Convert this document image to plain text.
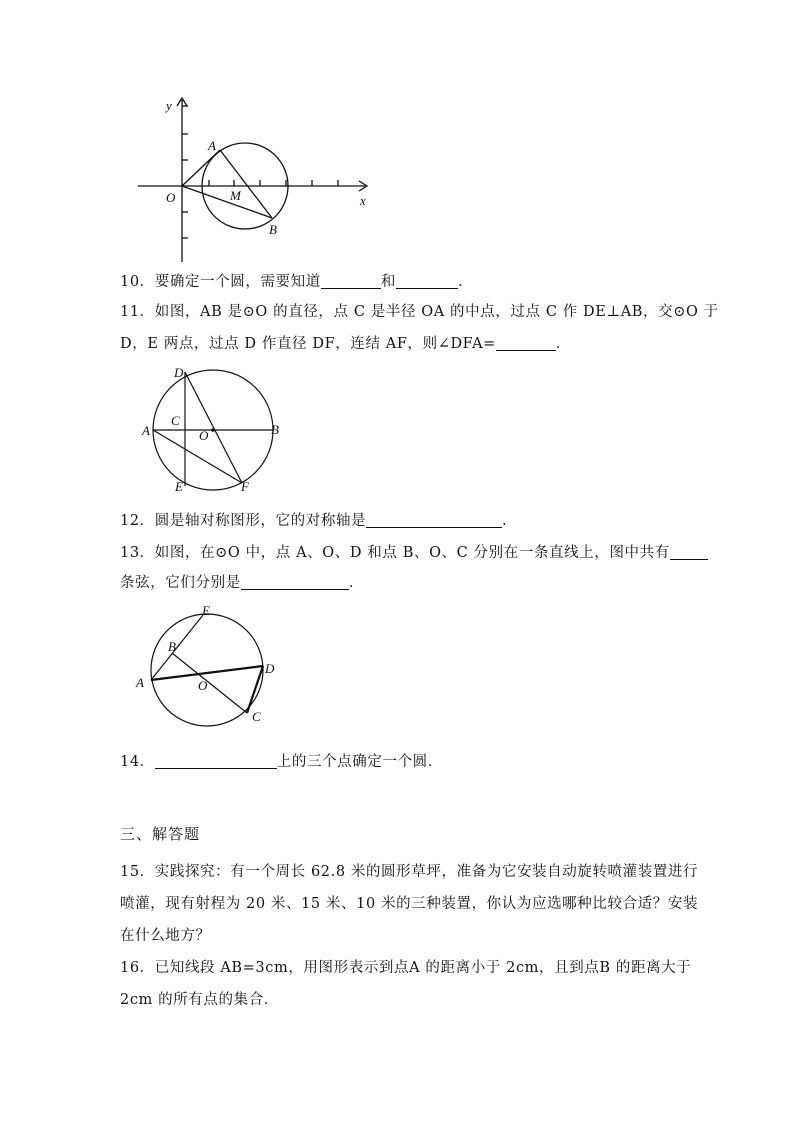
y
x
O
A
M
B
10．要确定一个圆，需要知道	和	．
11．如图，AB 是⊙O 的直径，点 C 是半径 OA 的中点，过点 C 作 DE⊥AB，交⊙O 于
D，E 两点，过点 D 作直径 DF，连结 AF，则∠DFA=	．
D
C
A	O	B
E	F
12．圆是轴对称图形，它的对称轴是	.
13．如图，在⊙O 中，点 A、O、D 和点 B、O、C 分别在一条直线上，图中共有
条弦，它们分别是	．
E
B
D
A	O
C
14．	上的三个点确定一个圆．
三、解答题
15．实践探究：有一个周长 62.8 米的圆形草坪，准备为它安装自动旋转喷灌装置进行
喷灌，现有射程为 20 米、15 米、10 米的三种装置，你认为应选哪种比较合适？安装
在什么地方？
16．已知线段 AB=3cm，用图形表示到点A 的距离小于 2cm，且到点B 的距离大于
2cm 的所有点的集合．
